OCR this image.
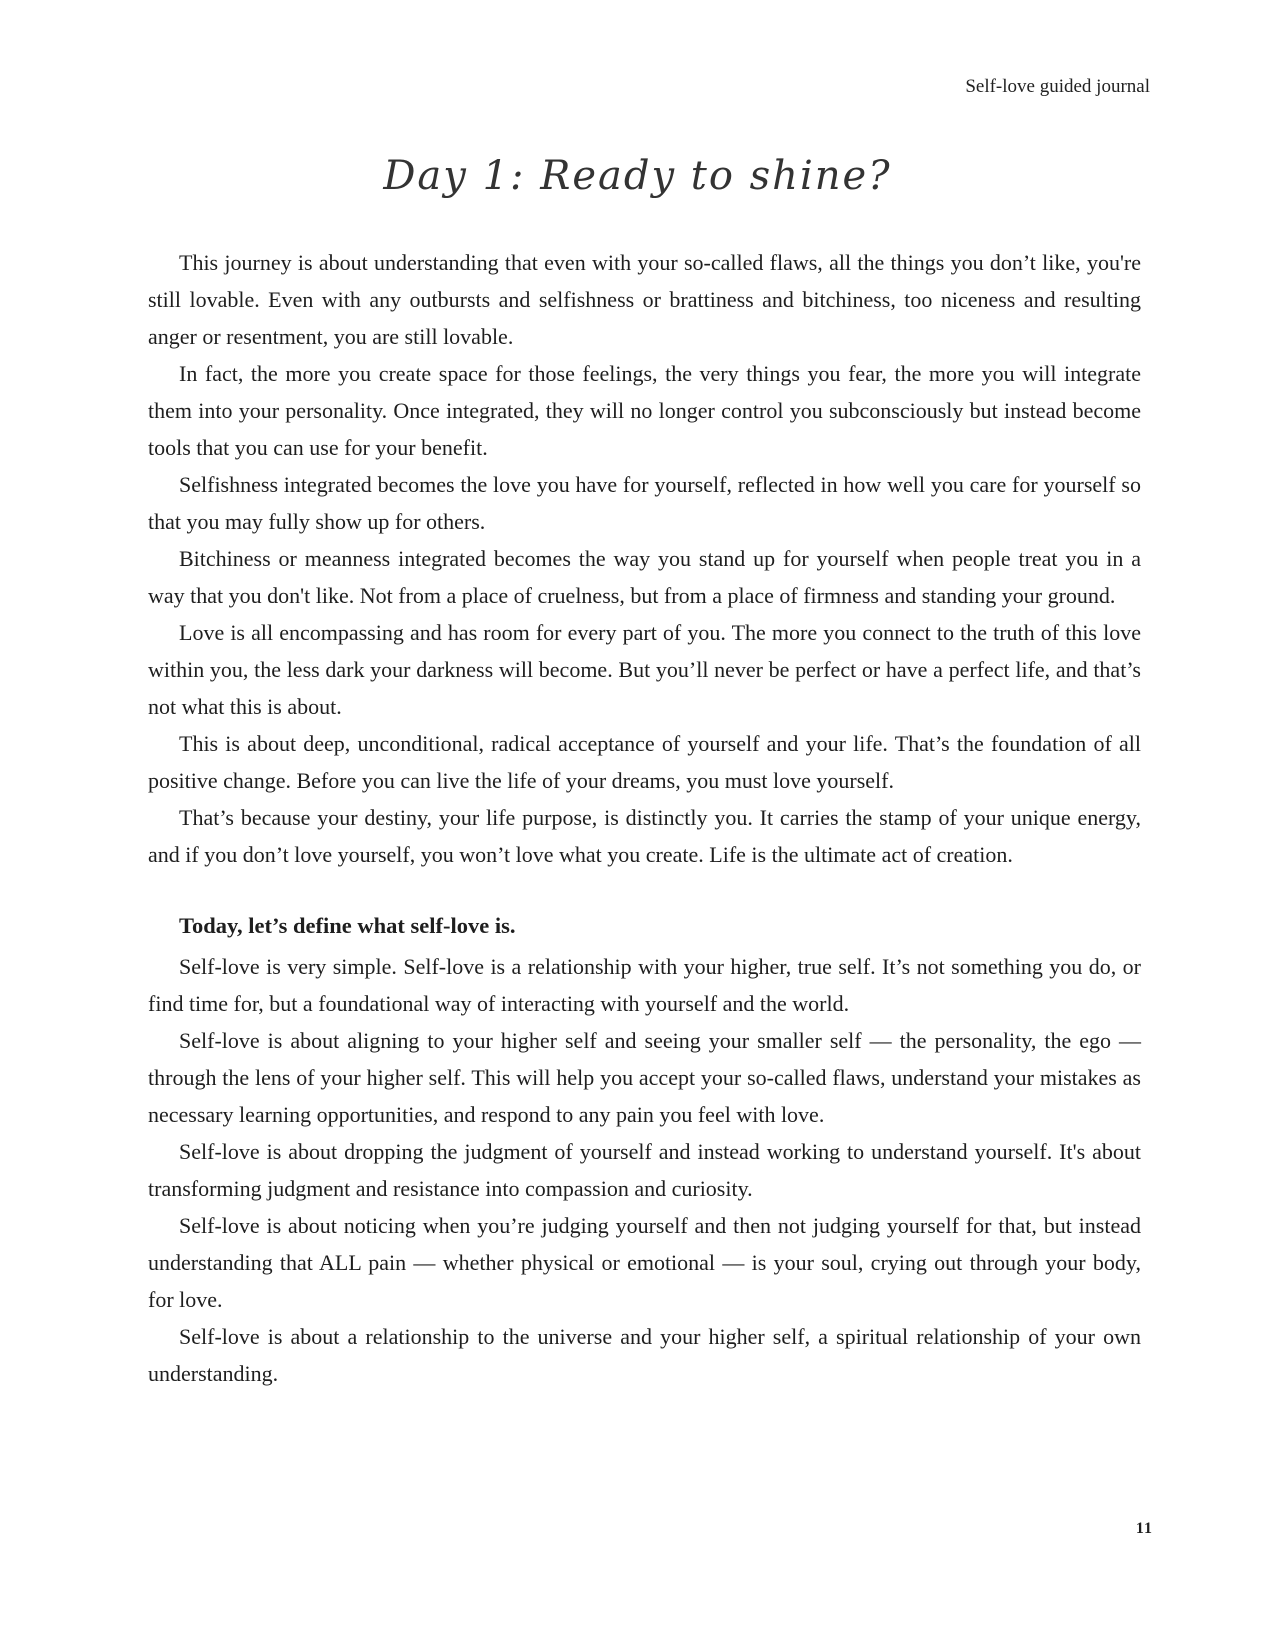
Self-love guided journal
Day 1: Ready to shine?

This journey is about understanding that even with your so-called flaws, all the things you don’t like, you're still lovable. Even with any outbursts and selfishness or brattiness and bitchiness, too niceness and resulting anger or resentment, you are still lovable.

In fact, the more you create space for those feelings, the very things you fear, the more you will integrate them into your personality. Once integrated, they will no longer control you subconsciously but instead become tools that you can use for your benefit.

Selfishness integrated becomes the love you have for yourself, reflected in how well you care for yourself so that you may fully show up for others.

Bitchiness or meanness integrated becomes the way you stand up for yourself when people treat you in a way that you don't like. Not from a place of cruelness, but from a place of firmness and standing your ground.

Love is all encompassing and has room for every part of you. The more you connect to the truth of this love within you, the less dark your darkness will become. But you’ll never be perfect or have a perfect life, and that’s not what this is about.

This is about deep, unconditional, radical acceptance of yourself and your life. That’s the foundation of all positive change. Before you can live the life of your dreams, you must love yourself.

That’s because your destiny, your life purpose, is distinctly you. It carries the stamp of your unique energy, and if you don’t love yourself, you won’t love what you create. Life is the ultimate act of creation.

Today, let’s define what self-love is.

Self-love is very simple. Self-love is a relationship with your higher, true self. It’s not something you do, or find time for, but a foundational way of interacting with yourself and the world.

Self-love is about aligning to your higher self and seeing your smaller self — the personality, the ego — through the lens of your higher self. This will help you accept your so-called flaws, understand your mistakes as necessary learning opportunities, and respond to any pain you feel with love.

Self-love is about dropping the judgment of yourself and instead working to understand yourself. It's about transforming judgment and resistance into compassion and curiosity.

Self-love is about noticing when you’re judging yourself and then not judging yourself for that, but instead understanding that ALL pain — whether physical or emotional — is your soul, crying out through your body, for love.

Self-love is about a relationship to the universe and your higher self, a spiritual relationship of your own understanding.

11
